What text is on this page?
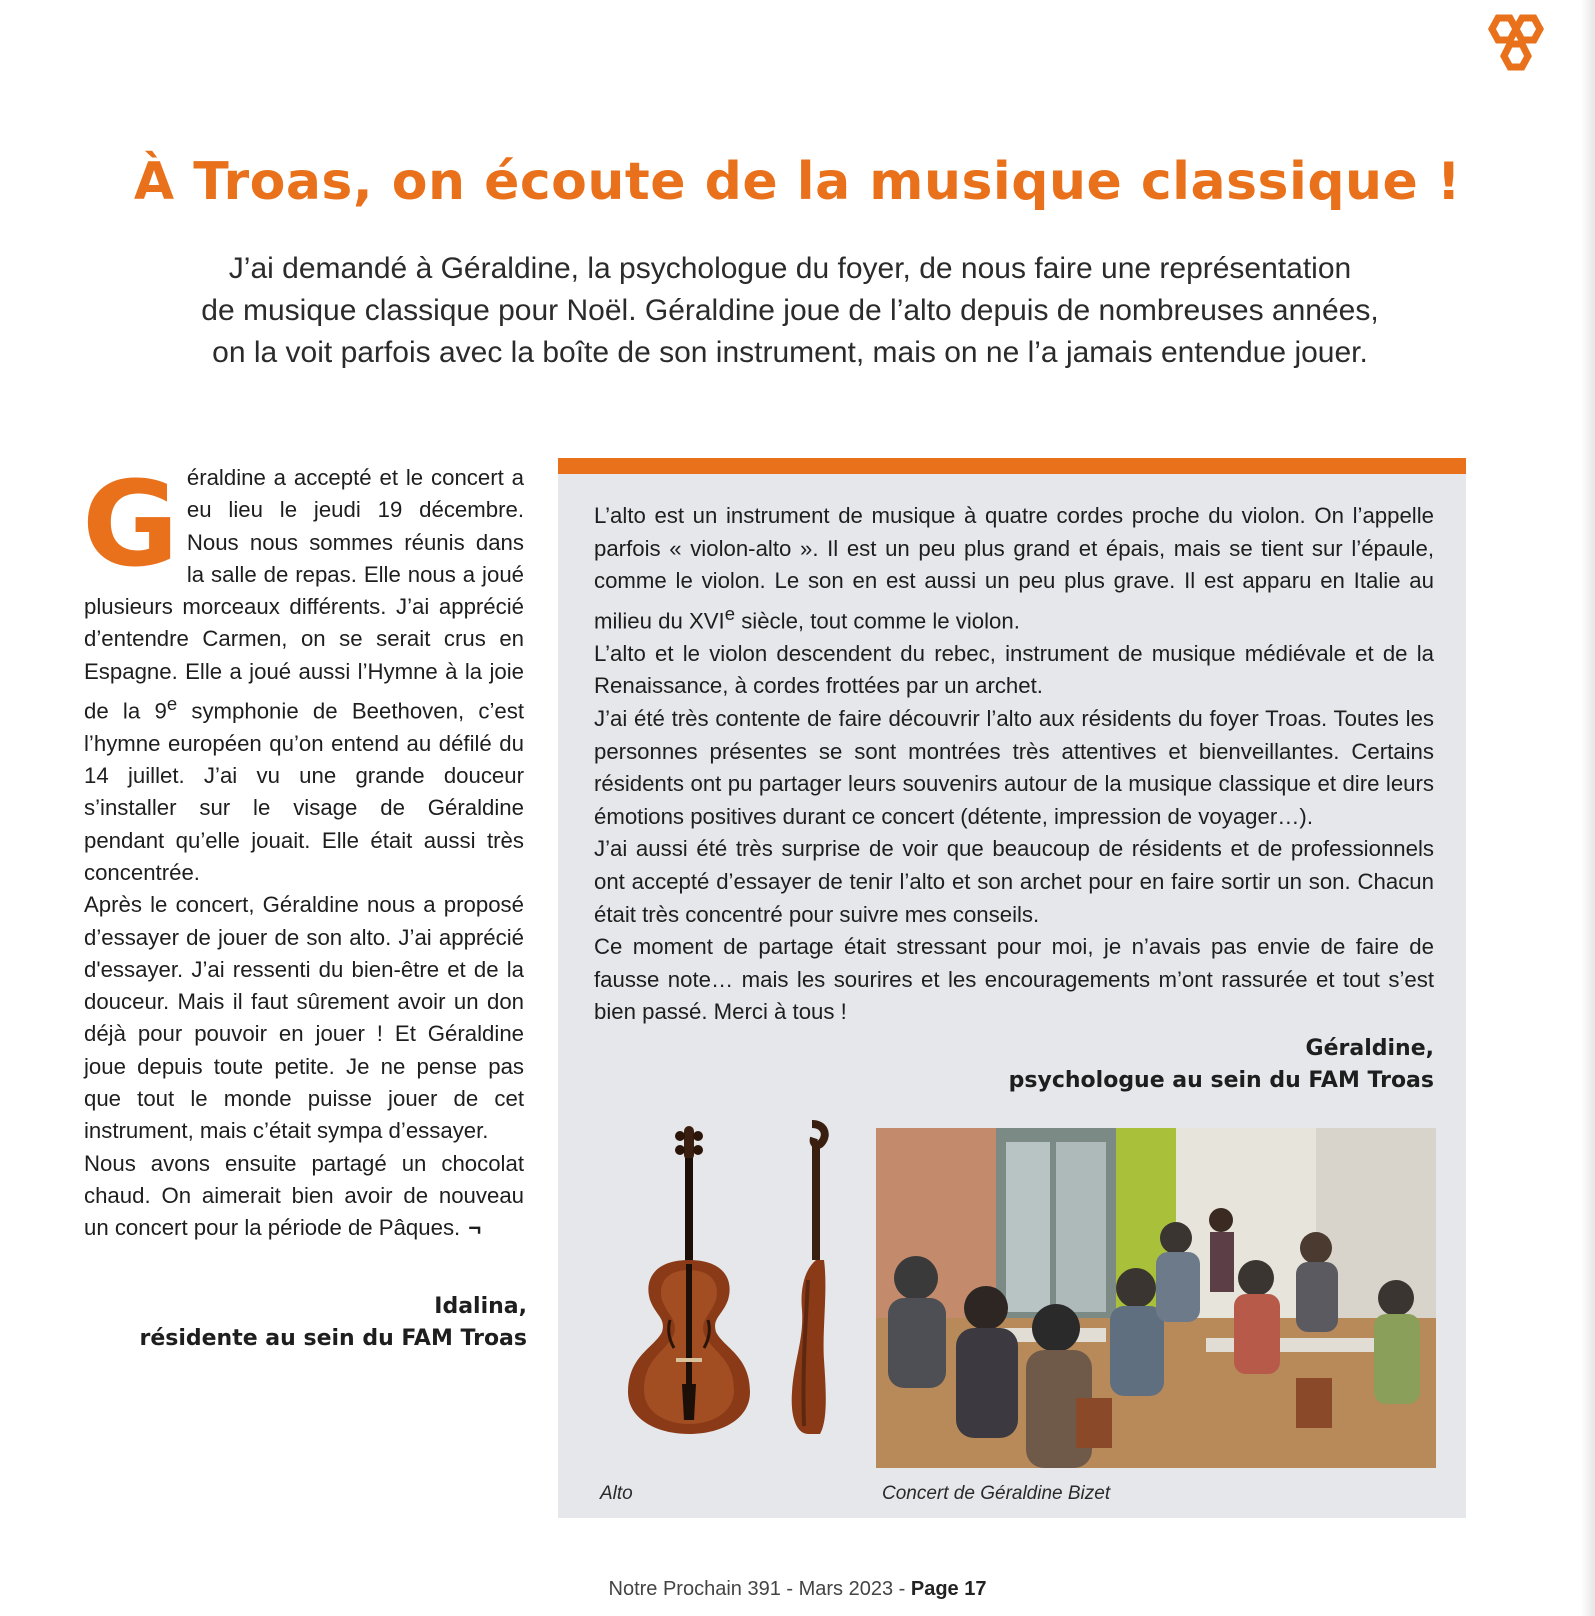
À Troas, on écoute de la musique classique !
J’ai demandé à Géraldine, la psychologue du foyer, de nous faire une représentation
de musique classique pour Noël. Géraldine joue de l’alto depuis de nombreuses années,
on la voit parfois avec la boîte de son instrument, mais on ne l’a jamais entendue jouer.

Géraldine a accepté et le concert a eu lieu le jeudi 19 décembre. Nous nous sommes réunis dans la salle de repas. Elle nous a joué plusieurs morceaux différents. J’ai apprécié d’entendre Carmen, on se serait crus en Espagne. Elle a joué aussi l’Hymne à la joie de la 9e symphonie de Beethoven, c’est l’hymne européen qu’on entend au défilé du 14 juillet. J’ai vu une grande douceur s’installer sur le visage de Géraldine pendant qu’elle jouait. Elle était aussi très concentrée.

Après le concert, Géraldine nous a proposé d’essayer de jouer de son alto. J’ai apprécié d'essayer. J’ai ressenti du bien-être et de la douceur. Mais il faut sûrement avoir un don déjà pour pouvoir en jouer ! Et Géraldine joue depuis toute petite. Je ne pense pas que tout le monde puisse jouer de cet instrument, mais c’était sympa d’essayer.

Nous avons ensuite partagé un chocolat chaud. On aimerait bien avoir de nouveau un concert pour la période de Pâques. ¬

Idalina,
résidente au sein du FAM Troas

L’alto est un instrument de musique à quatre cordes proche du violon. On l’appelle parfois « violon-alto ». Il est un peu plus grand et épais, mais se tient sur l’épaule, comme le violon. Le son en est aussi un peu plus grave. Il est apparu en Italie au milieu du XVIe siècle, tout comme le violon.

L’alto et le violon descendent du rebec, instrument de musique médiévale et de la Renaissance, à cordes frottées par un archet.

J’ai été très contente de faire découvrir l’alto aux résidents du foyer Troas. Toutes les personnes présentes se sont montrées très attentives et bienveillantes. Certains résidents ont pu partager leurs souvenirs autour de la musique classique et dire leurs émotions positives durant ce concert (détente, impression de voyager…).

J’ai aussi été très surprise de voir que beaucoup de résidents et de professionnels ont accepté d’essayer de tenir l’alto et son archet pour en faire sortir un son. Chacun était très concentré pour suivre mes conseils.

Ce moment de partage était stressant pour moi, je n’avais pas envie de faire de fausse note… mais les sourires et les encouragements m’ont rassurée et tout s’est bien passé. Merci à tous !

Géraldine,
psychologue au sein du FAM Troas
Alto	Concert de Géraldine Bizet
Notre Prochain 391 - Mars 2023 - Page 17
